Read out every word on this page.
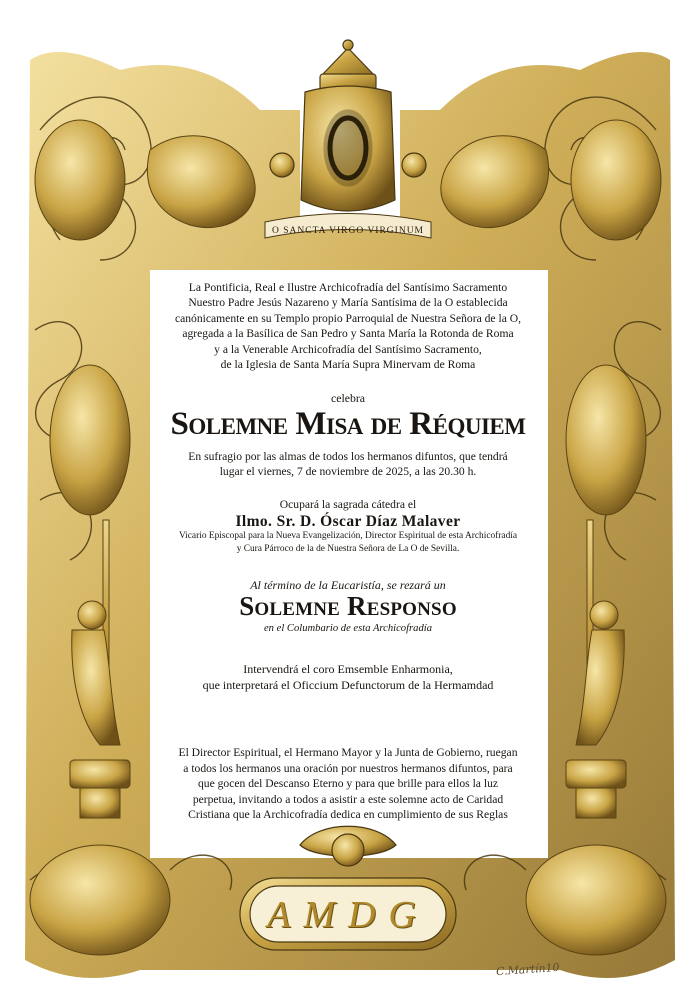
O SANCTA VIRGO VIRGINUM

La Pontificia, Real e Ilustre Archicofradía del Santísimo Sacramento

Nuestro Padre Jesús Nazareno y María Santísima de la O establecida

canónicamente en su Templo propio Parroquial de Nuestra Señora de la O,

agregada a la Basílica de San Pedro y Santa María la Rotonda de Roma

y a la Venerable Archicofradía del Santísimo Sacramento,

de la Iglesia de Santa María Supra Minervam de Roma

celebra
Solemne Misa de Réquiem

En sufragio por las almas de todos los hermanos difuntos, que tendrá

lugar el viernes, 7 de noviembre de 2025, a las 20.30 h.

Ocupará la sagrada cátedra el
Ilmo. Sr. D. Óscar Díaz Malaver
Vicario Episcopal para la Nueva Evangelización, Director Espiritual de esta Archicofradía
y Cura Párroco de la de Nuestra Señora de La O de Sevilla.
Al término de la Eucaristía, se rezará un
Solemne Responso
en el Columbario de esta Archicofradía
Intervendrá el coro Emsemble Enharmonia,
que interpretará el Oficcium Defunctorum de la Hermamdad
El Director Espiritual, el Hermano Mayor y la Junta de Gobierno, ruegan
a todos los hermanos una oración por nuestros hermanos difuntos, para
que gocen del Descanso Eterno y para que brille para ellos la luz
perpetua, invitando a todos a asistir a este solemne acto de Caridad
Cristiana que la Archicofradía dedica en cumplimiento de sus Reglas
AMDG
C.Martín10
